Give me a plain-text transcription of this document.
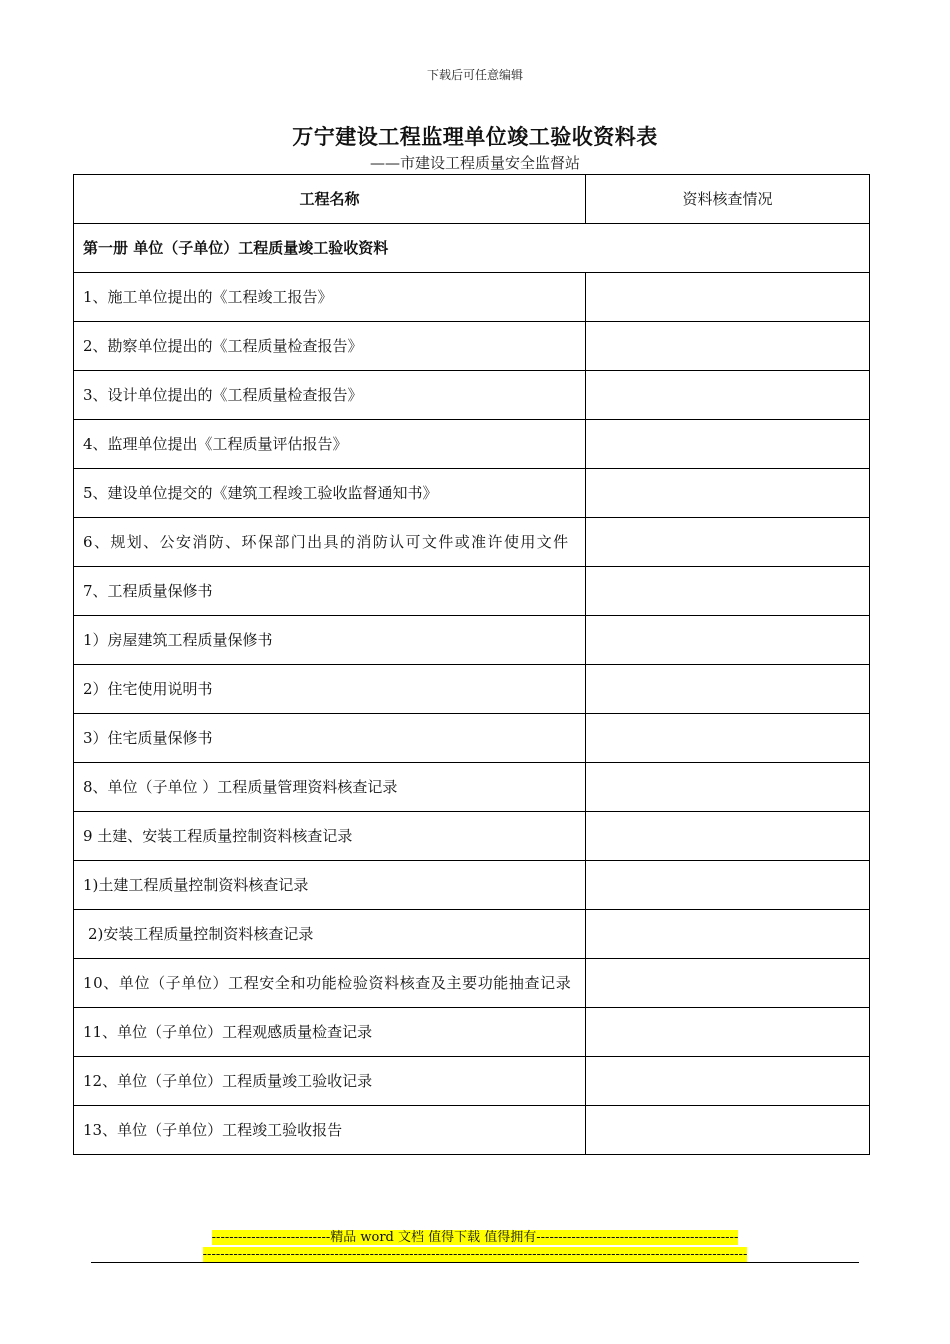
下载后可任意编辑
万宁建设工程监理单位竣工验收资料表
——市建设工程质量安全监督站
工程名称	资料核查情况
第一册 单位（子单位）工程质量竣工验收资料	
1、施工单位提出的《工程竣工报告》	
2、勘察单位提出的《工程质量检查报告》	
3、设计单位提出的《工程质量检查报告》	
4、监理单位提出《工程质量评估报告》	
5、建设单位提交的《建筑工程竣工验收监督通知书》	
6、规划、公安消防、环保部门出具的消防认可文件或准许使用文件	
7、工程质量保修书	
1）房屋建筑工程质量保修书	
2）住宅使用说明书	
3）住宅质量保修书	
8、单位（子单位 ）工程质量管理资料核查记录	
9 土建、安装工程质量控制资料核查记录	
1)土建工程质量控制资料核查记录	
2)安装工程质量控制资料核查记录	
10、单位（子单位）工程安全和功能检验资料核查及主要功能抽查记录	
11、单位（子单位）工程观感质量检查记录	
12、单位（子单位）工程质量竣工验收记录	
13、单位（子单位）工程竣工验收报告	
---------------------------精品 word 文档 值得下载 值得拥有----------------------------------------------
----------------------------------------------------------------------------------------------------------------------------
